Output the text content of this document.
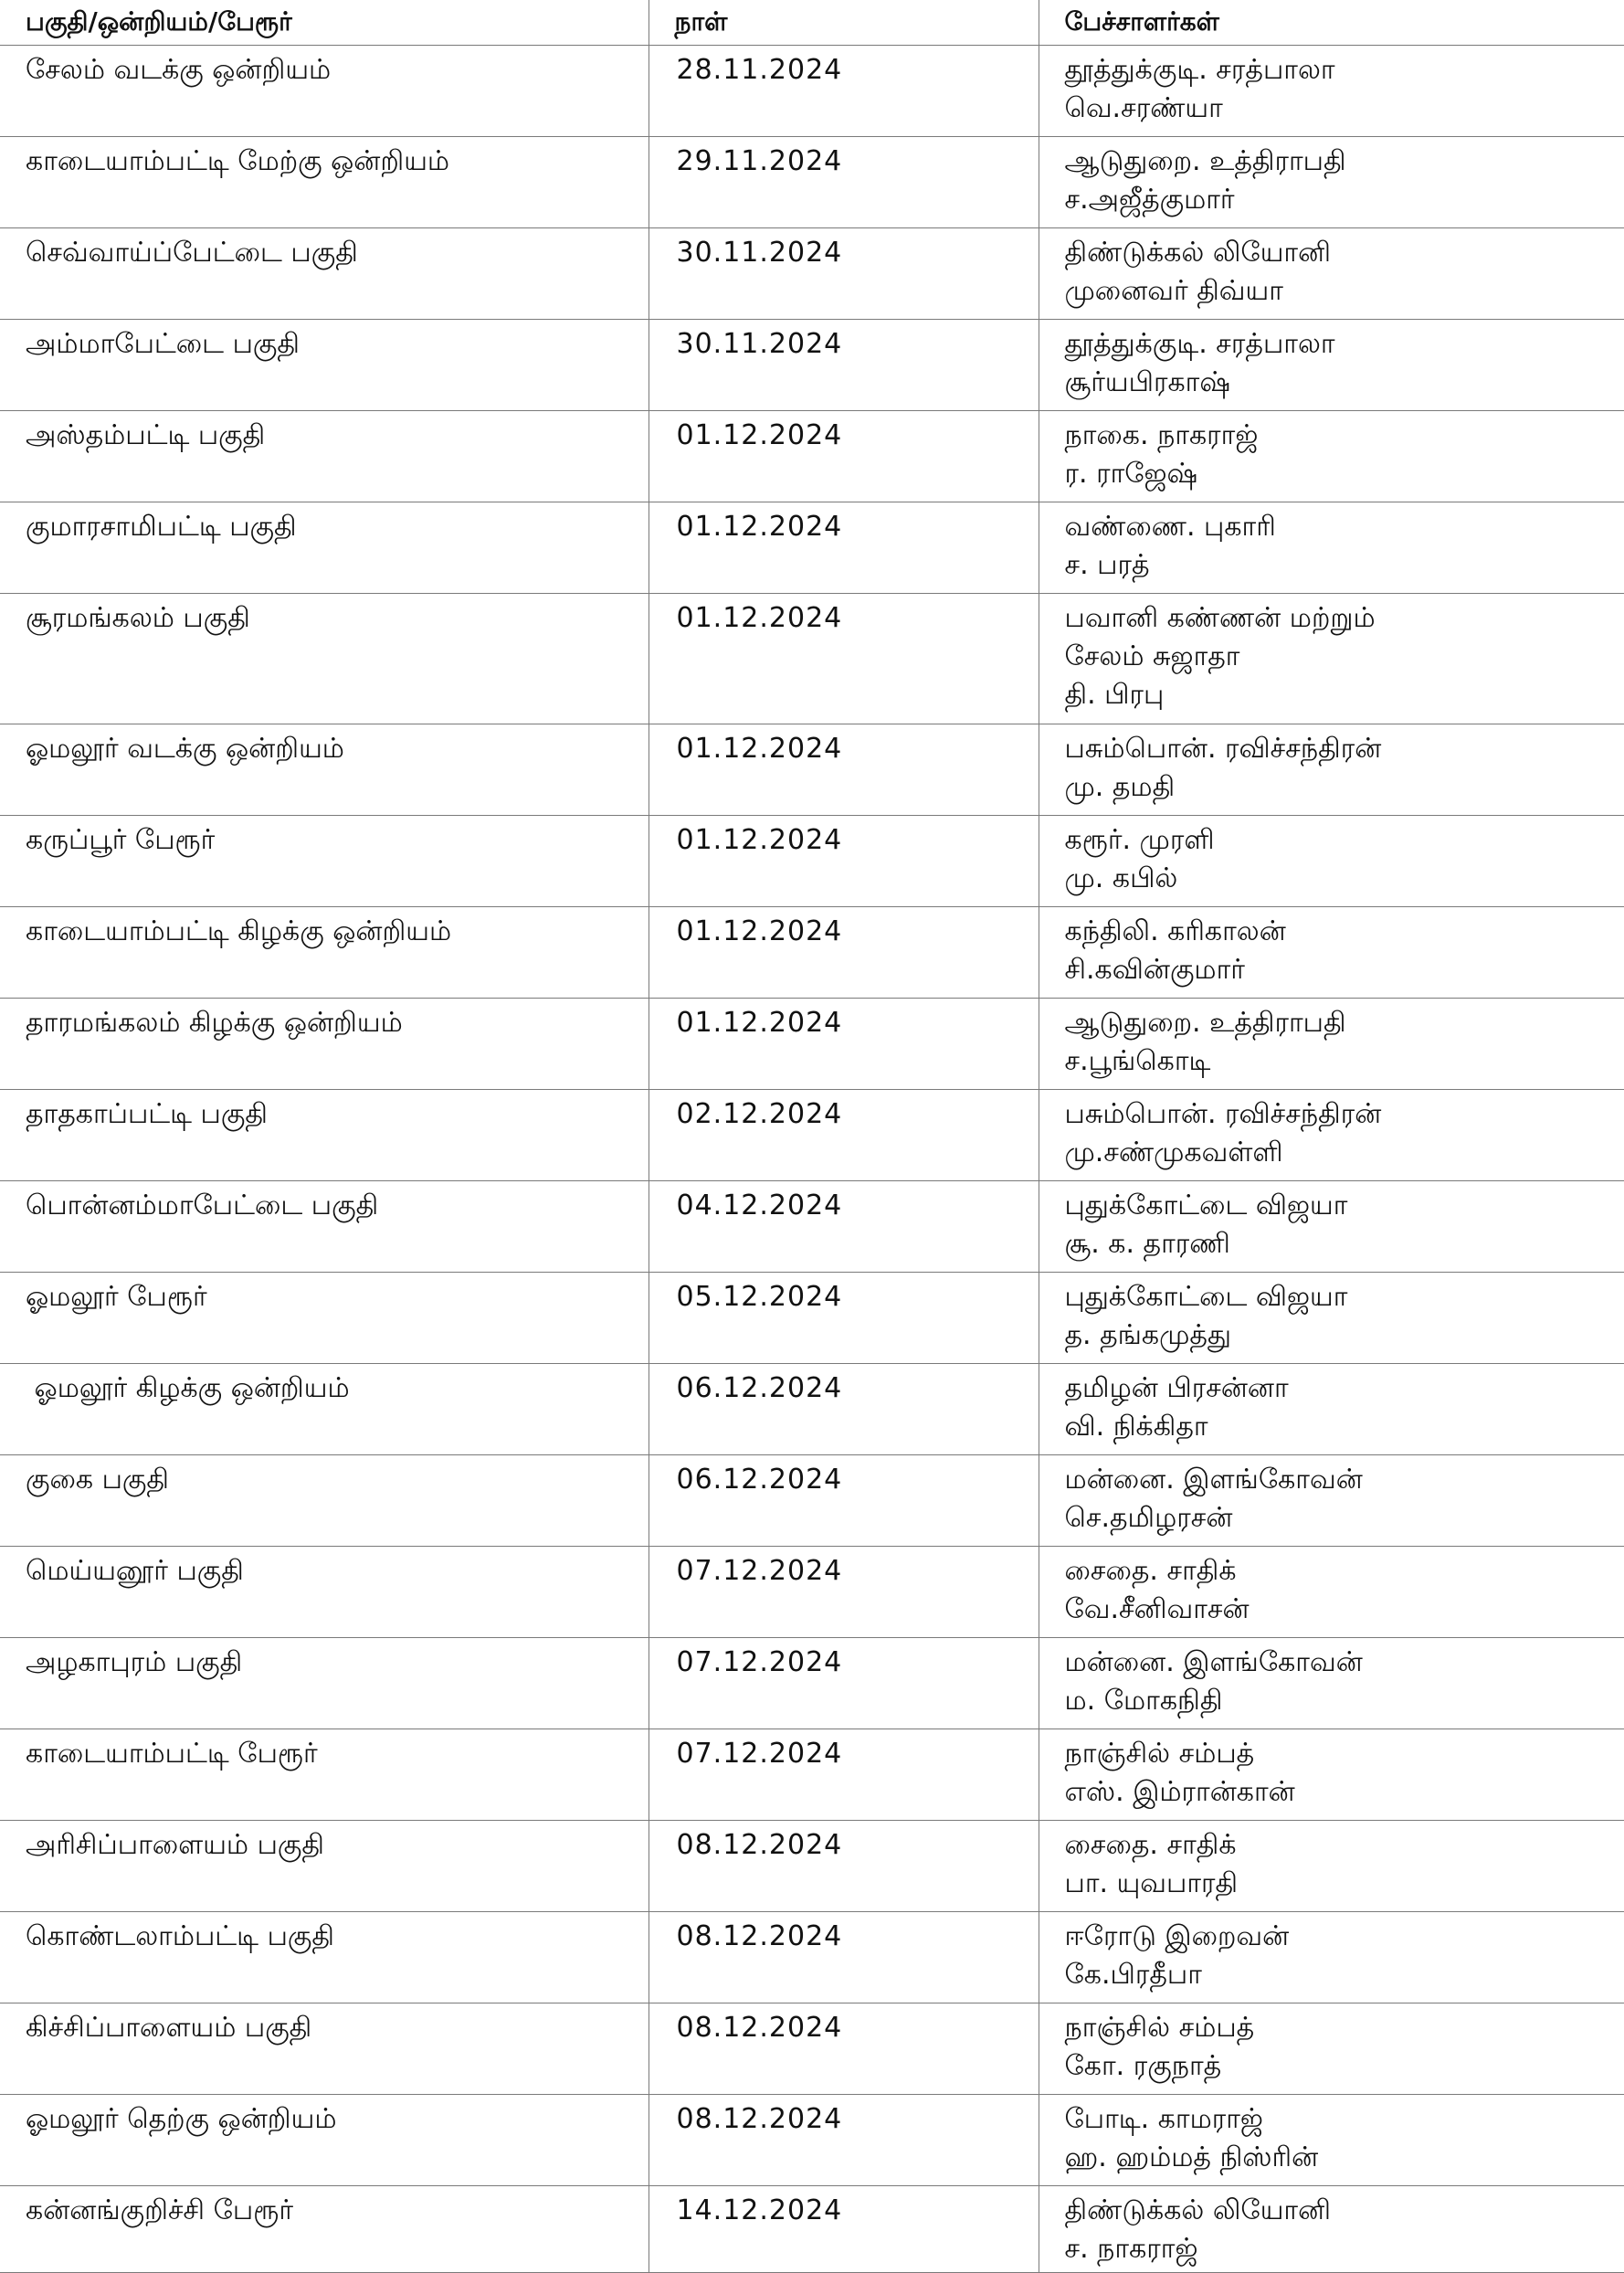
பகுதி/ஒன்றியம்/பேரூர்	நாள்	பேச்சாளர்கள்
சேலம் வடக்கு ஒன்றியம்	28.11.2024	தூத்துக்குடி. சரத்பாலா
வெ.சரண்யா

காடையாம்பட்டி மேற்கு ஒன்றியம்	29.11.2024	ஆடுதுறை. உத்திராபதி
ச.அஜீத்குமார்

செவ்வாய்ப்பேட்டை பகுதி	30.11.2024	திண்டுக்கல் லியோனி
முனைவர் திவ்யா

அம்மாபேட்டை பகுதி	30.11.2024	தூத்துக்குடி. சரத்பாலா
சூர்யபிரகாஷ்

அஸ்தம்பட்டி பகுதி	01.12.2024	நாகை. நாகராஜ்
ர. ராஜேஷ்

குமாரசாமிபட்டி பகுதி	01.12.2024	வண்ணை. புகாரி
ச. பரத்

சூரமங்கலம் பகுதி	01.12.2024	பவானி கண்ணன் மற்றும்
சேலம் சுஜாதா
தி. பிரபு

ஓமலூர் வடக்கு ஒன்றியம்	01.12.2024	பசும்பொன். ரவிச்சந்திரன்
மு. தமதி

கருப்பூர் பேரூர்	01.12.2024	கரூர். முரளி
மு. கபில்

காடையாம்பட்டி கிழக்கு ஒன்றியம்	01.12.2024	கந்திலி. கரிகாலன்
சி.கவின்குமார்

தாரமங்கலம் கிழக்கு ஒன்றியம்	01.12.2024	ஆடுதுறை. உத்திராபதி
ச.பூங்கொடி

தாதகாப்பட்டி பகுதி	02.12.2024	பசும்பொன். ரவிச்சந்திரன்
மு.சண்முகவள்ளி

பொன்னம்மாபேட்டை பகுதி	04.12.2024	புதுக்கோட்டை விஜயா
சூ. க. தாரணி

ஓமலூர் பேரூர்	05.12.2024	புதுக்கோட்டை விஜயா
த. தங்கமுத்து

ஓமலூர் கிழக்கு ஒன்றியம்	06.12.2024	தமிழன் பிரசன்னா
வி. நிக்கிதா

குகை பகுதி	06.12.2024	மன்னை. இளங்கோவன்
செ.தமிழரசன்

மெய்யனூர் பகுதி	07.12.2024	சைதை. சாதிக்
வே.சீனிவாசன்

அழகாபுரம் பகுதி	07.12.2024	மன்னை. இளங்கோவன்
ம. மோகநிதி

காடையாம்பட்டி பேரூர்	07.12.2024	நாஞ்சில் சம்பத்
எஸ். இம்ரான்கான்

அரிசிப்பாளையம் பகுதி	08.12.2024	சைதை. சாதிக்
பா. யுவபாரதி

கொண்டலாம்பட்டி பகுதி	08.12.2024	ஈரோடு இறைவன்
கே.பிரதீபா

கிச்சிப்பாளையம் பகுதி	08.12.2024	நாஞ்சில் சம்பத்
கோ. ரகுநாத்

ஓமலூர் தெற்கு ஒன்றியம்	08.12.2024	போடி. காமராஜ்
ஹ. ஹம்மத் நிஸ்ரின்

கன்னங்குறிச்சி பேரூர்	14.12.2024	திண்டுக்கல் லியோனி
ச. நாகராஜ்
